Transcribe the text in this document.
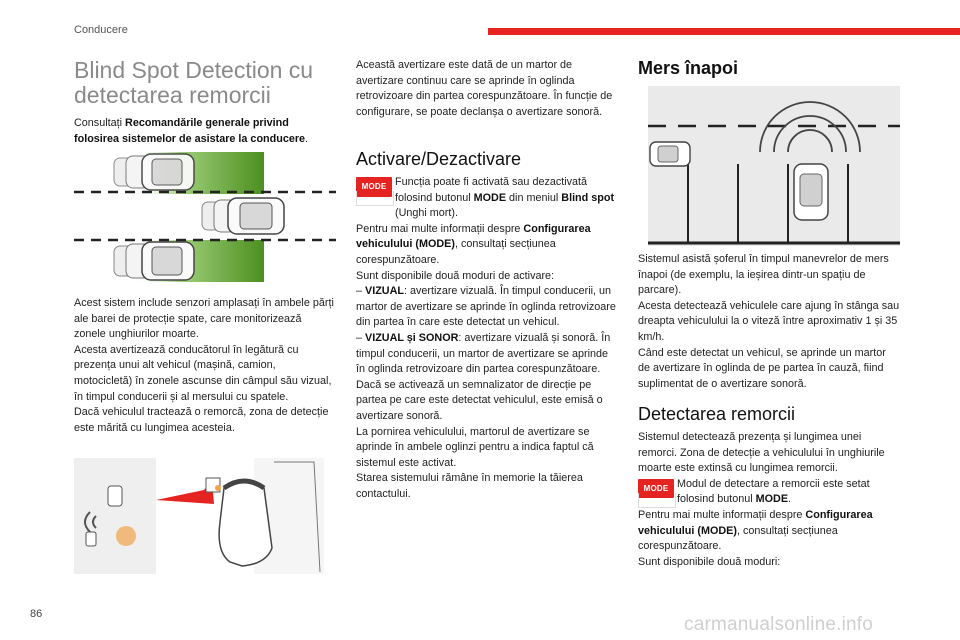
Conducere
Blind Spot Detection cu detectarea remorcii
Consultați Recomandările generale privind folosirea sistemelor de asistare la conducere.

Acest sistem include senzori amplasați în ambele părți ale barei de protecție spate, care monitorizează zonele unghiurilor moarte.

Acesta avertizează conducătorul în legătură cu prezența unui alt vehicul (mașină, camion, motocicletă) în zonele ascunse din câmpul său vizual, în timpul conducerii și al mersului cu spatele.

Dacă vehiculul tractează o remorcă, zona de detecție este mărită cu lungimea acesteia.

Această avertizare este dată de un martor de avertizare continuu care se aprinde în oglinda retrovizoare din partea corespunzătoare. În funcție de configurare, se poate declanșa o avertizare sonoră.
Activare/Dezactivare
MODE Funcția poate fi activată sau dezactivată folosind butonul MODE din meniul Blind spot (Unghi mort).

Pentru mai multe informații despre Configurarea vehiculului (MODE), consultați secțiunea corespunzătoare.

Sunt disponibile două moduri de activare:

– VIZUAL: avertizare vizuală. În timpul conducerii, un martor de avertizare se aprinde în oglinda retrovizoare din partea în care este detectat un vehicul.

– VIZUAL și SONOR: avertizare vizuală și sonoră. În timpul conducerii, un martor de avertizare se aprinde în oglinda retrovizoare din partea corespunzătoare. Dacă se activează un semnalizator de direcție pe partea pe care este detectat vehiculul, este emisă o avertizare sonoră.

La pornirea vehiculului, martorul de avertizare se aprinde în ambele oglinzi pentru a indica faptul că sistemul este activat.

Starea sistemului rămâne în memorie la tăierea contactului.

Mers înapoi

Sistemul asistă șoferul în timpul manevrelor de mers înapoi (de exemplu, la ieșirea dintr-un spațiu de parcare).

Acesta detectează vehiculele care ajung în stânga sau dreapta vehiculului la o viteză între aproximativ 1 și 35 km/h.

Când este detectat un vehicul, se aprinde un martor de avertizare în oglinda de pe partea în cauză, fiind suplimentat de o avertizare sonoră.

Detectarea remorcii

Sistemul detectează prezența și lungimea unei remorci. Zona de detecție a vehiculului în unghiurile moarte este extinsă cu lungimea remorcii.

MODE Modul de detectare a remorcii este setat folosind butonul MODE.

Pentru mai multe informații despre Configurarea vehiculului (MODE), consultați secțiunea corespunzătoare.

Sunt disponibile două moduri:

86	carmanualsonline.info
